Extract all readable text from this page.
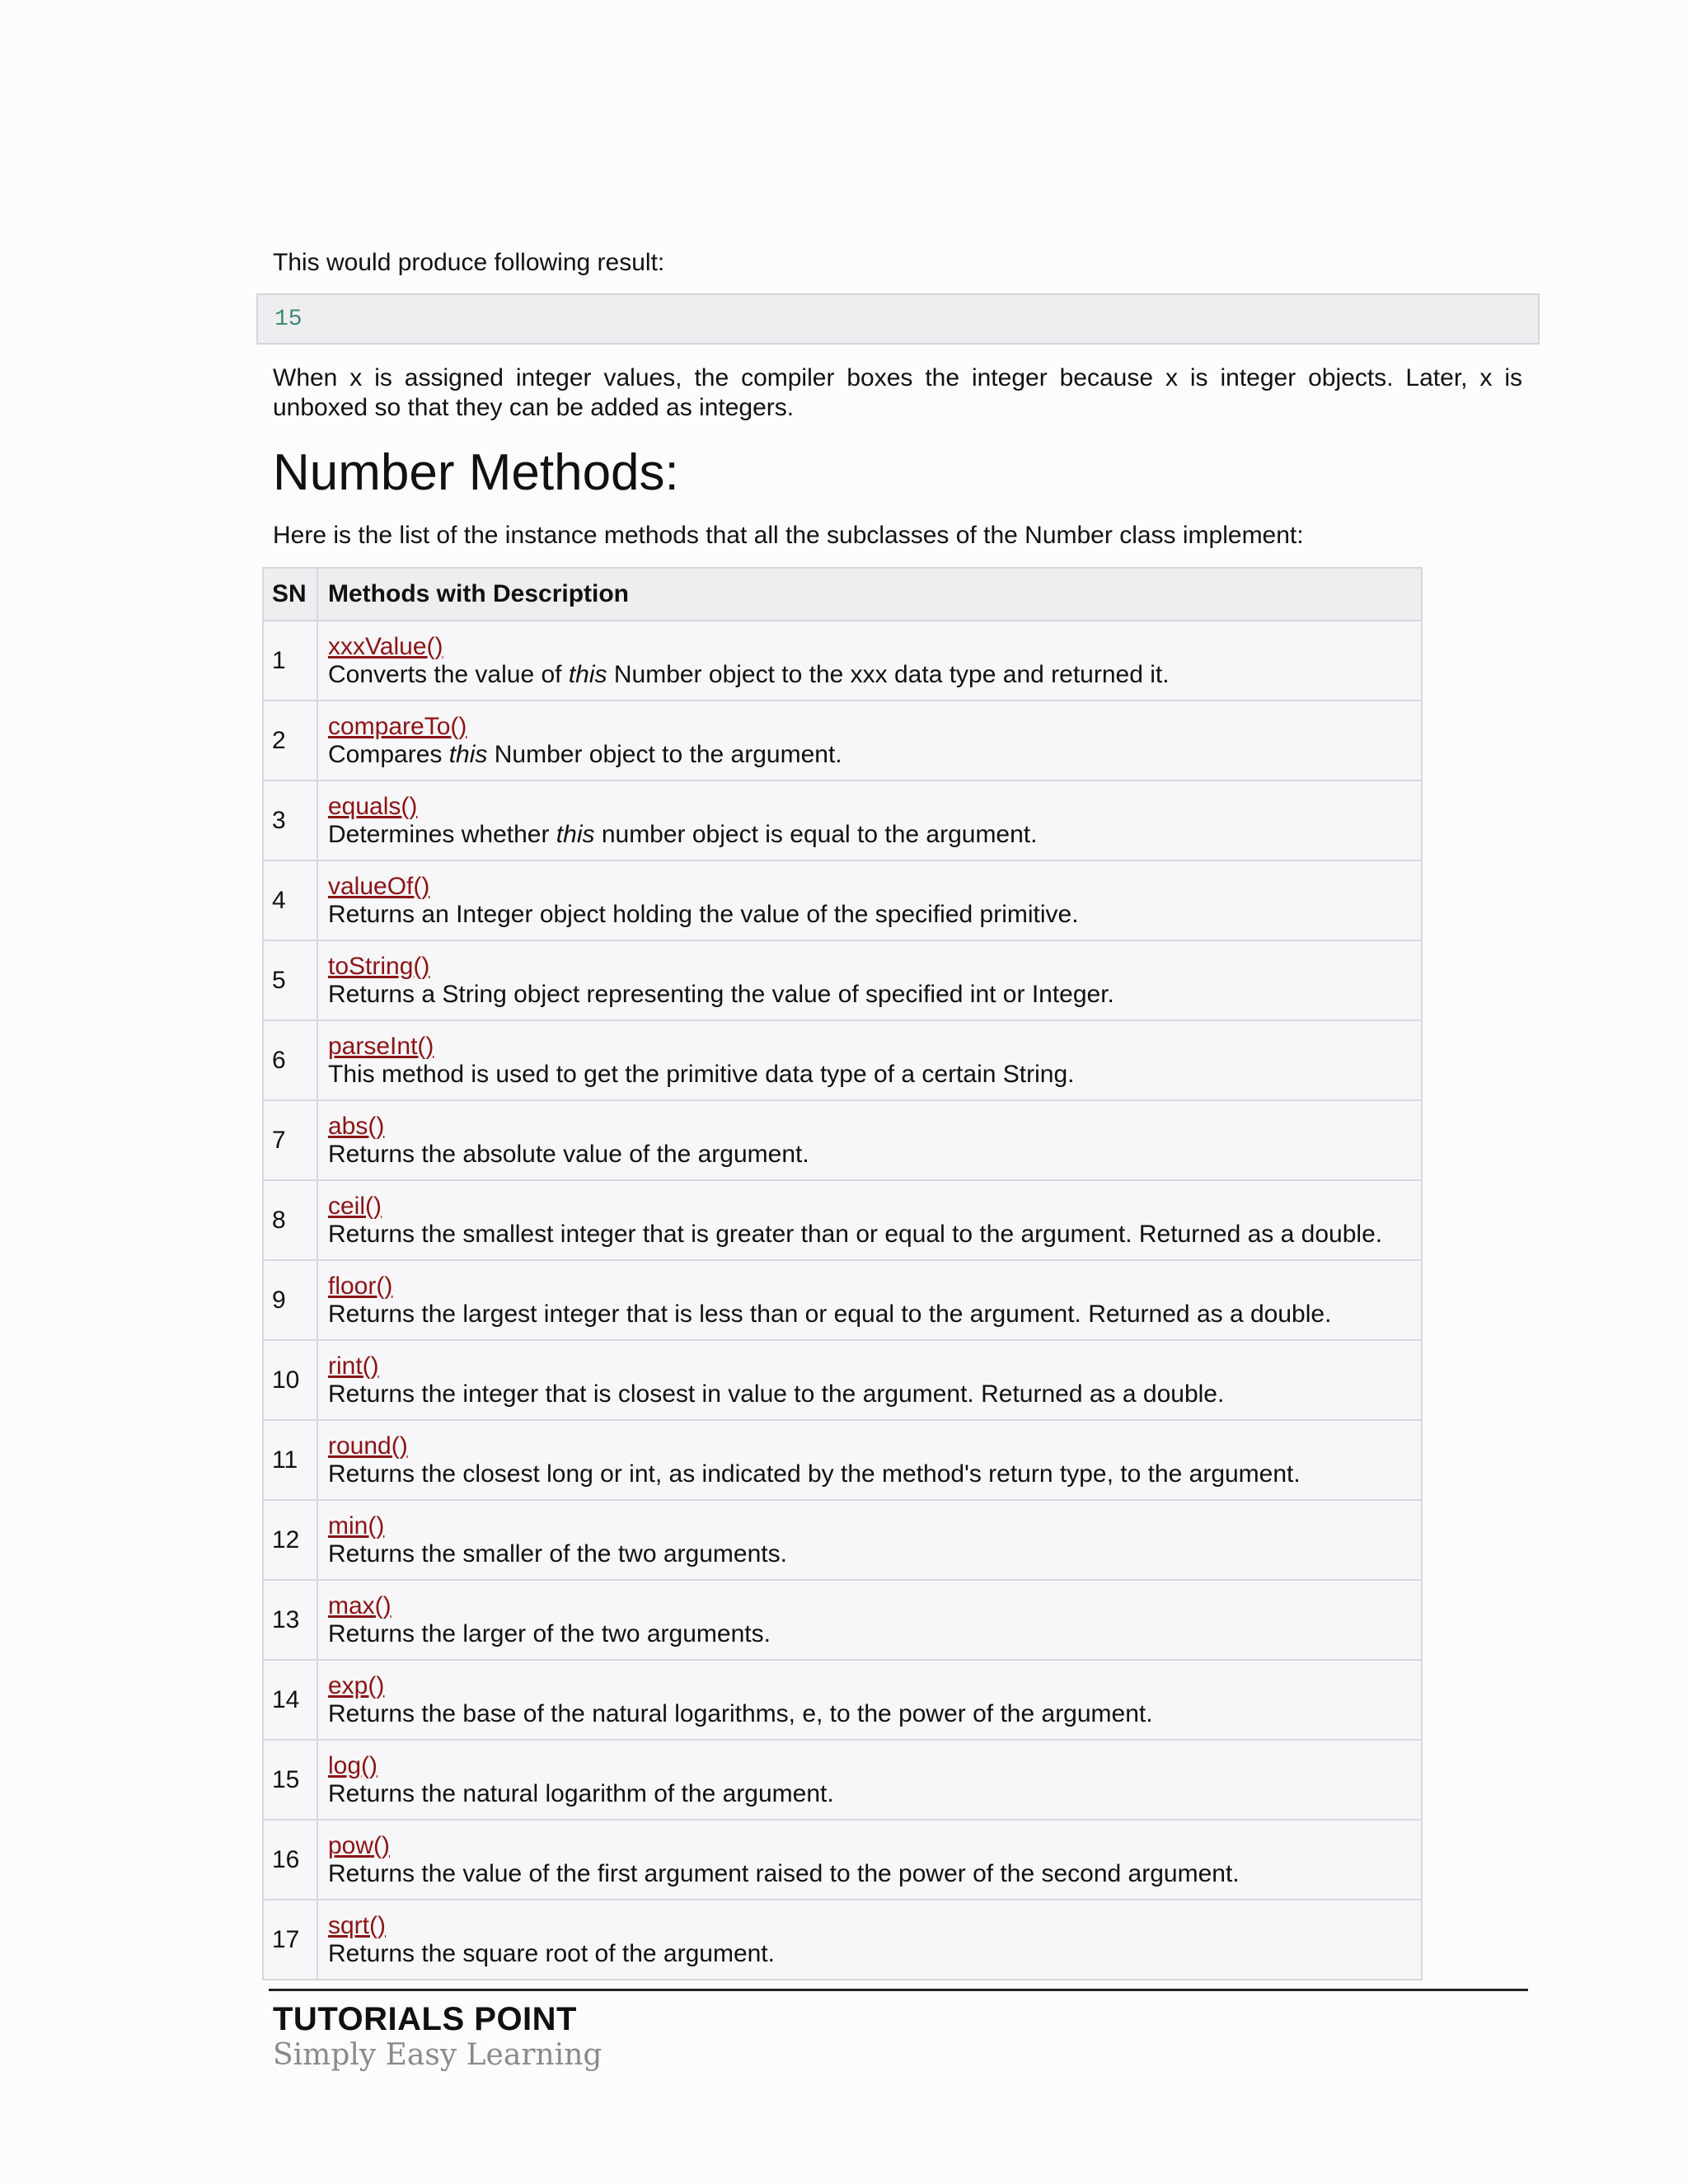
This would produce following result:

15

When x is assigned integer values, the compiler boxes the integer because x is integer objects. Later, x is unboxed so that they can be added as integers.

Number Methods:

Here is the list of the instance methods that all the subclasses of the Number class implement:

SN	Methods with Description
1	xxxValue()
Converts the value of this Number object to the xxx data type and returned it.

2	compareTo()
Compares this Number object to the argument.

3	equals()
Determines whether this number object is equal to the argument.

4	valueOf()
Returns an Integer object holding the value of the specified primitive.

5	toString()
Returns a String object representing the value of specified int or Integer.

6	parseInt()
This method is used to get the primitive data type of a certain String.

7	abs()
Returns the absolute value of the argument.

8	ceil()
Returns the smallest integer that is greater than or equal to the argument. Returned as a double.

9	floor()
Returns the largest integer that is less than or equal to the argument. Returned as a double.

10	rint()
Returns the integer that is closest in value to the argument. Returned as a double.

11	round()
Returns the closest long or int, as indicated by the method's return type, to the argument.

12	min()
Returns the smaller of the two arguments.

13	max()
Returns the larger of the two arguments.

14	exp()
Returns the base of the natural logarithms, e, to the power of the argument.

15	log()
Returns the natural logarithm of the argument.

16	pow()
Returns the value of the first argument raised to the power of the second argument.

17	sqrt()
Returns the square root of the argument.

TUTORIALS POINT

Simply Easy Learning
